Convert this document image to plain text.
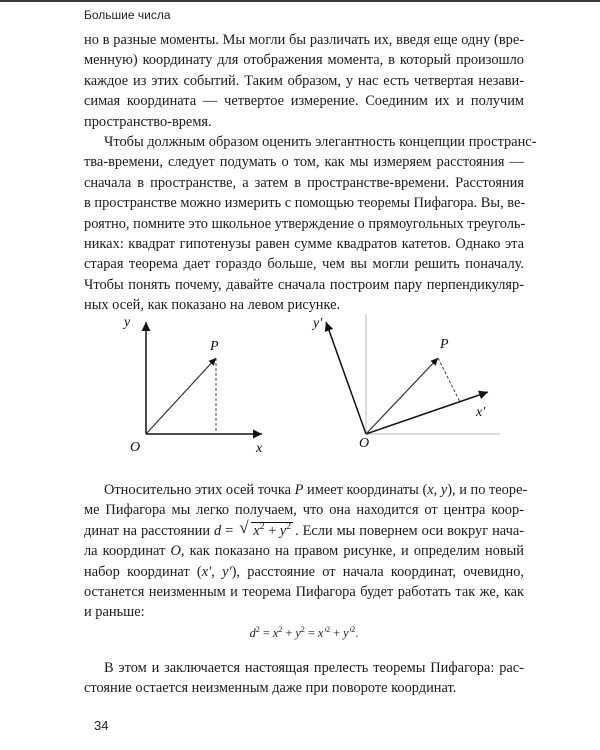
Большие числа
но в разные моменты. Мы могли бы различать их, введя еще одну (вре-
менную) координату для отображения момента, в который произошло
каждое из этих событий. Таким образом, у нас есть четвертая незави-
симая координата — четвертое измерение. Соединим их и получим
пространство-время.
Чтобы должным образом оценить элегантность концепции пространс-
тва-времени, следует подумать о том, как мы измеряем расстояния —
сначала в пространстве, а затем в пространстве-времени. Расстояния
в пространстве можно измерить с помощью теоремы Пифагора. Вы, ве-
роятно, помните это школьное утверждение о прямоугольных треуголь-
никах: квадрат гипотенузы равен сумме квадратов катетов. Однако эта
старая теорема дает гораздо больше, чем вы могли решить поначалу.
Чтобы понять почему, давайте сначала построим пару перпендикуляр-
ных осей, как показано на левом рисунке.
y
x
O
P
y′
x′
O
P
Относительно этих осей точка P имеет координаты (x, y), и по теоре-
ме Пифагора мы легко получаем, что она находится от центра коор-
динат на расстоянии d = √ $x^2 + y^2$ . Если мы повернем оси вокруг нача-
ла координат O, как показано на правом рисунке, и определим новый
набор координат (x′, y′), расстояние от начала координат, очевидно,
останется неизменным и теорема Пифагора будет работать так же, как
и раньше:
$d^2 = x^2 + y^2 = x'^2 + y'^2$.
В этом и заключается настоящая прелесть теоремы Пифагора: рас-
стояние остается неизменным даже при повороте координат.
34
